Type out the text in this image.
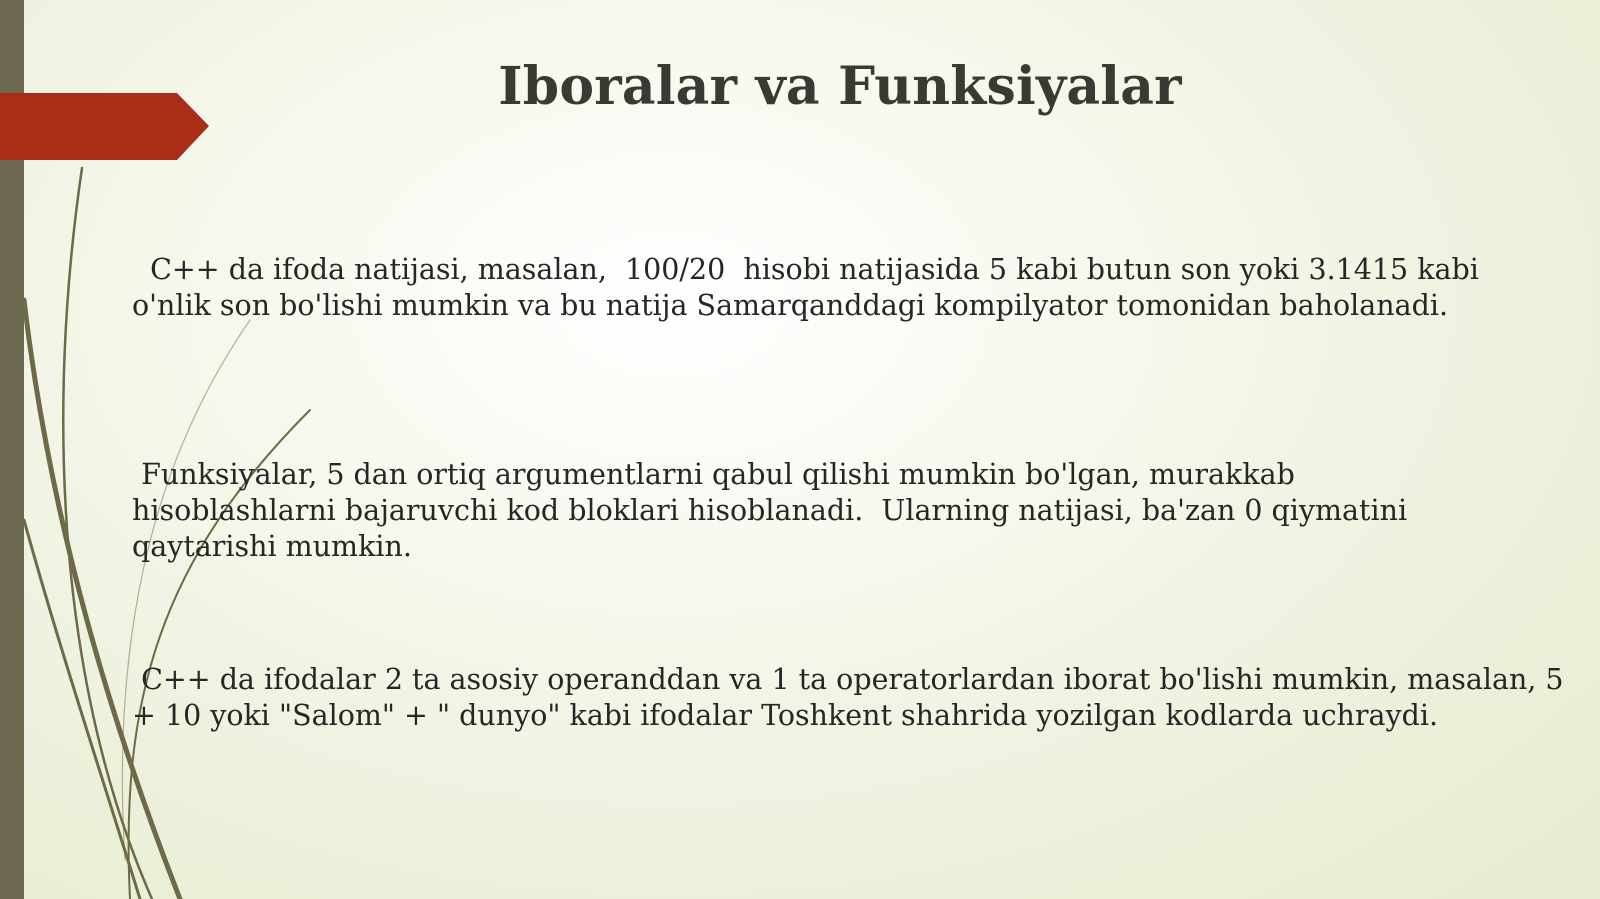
Iboralar va Funksiyalar

C++ da ifoda natijasi, masalan,  100/20  hisobi natijasida 5 kabi butun son yoki 3.1415 kabi
o'nlik son bo'lishi mumkin va bu natija Samarqanddagi kompilyator tomonidan baholanadi.

Funksiyalar, 5 dan ortiq argumentlarni qabul qilishi mumkin bo'lgan, murakkab
hisoblashlarni bajaruvchi kod bloklari hisoblanadi.  Ularning natijasi, ba'zan 0 qiymatini
qaytarishi mumkin.

C++ da ifodalar 2 ta asosiy operanddan va 1 ta operatorlardan iborat bo'lishi mumkin, masalan, 5
+ 10 yoki "Salom" + " dunyo" kabi ifodalar Toshkent shahrida yozilgan kodlarda uchraydi.
